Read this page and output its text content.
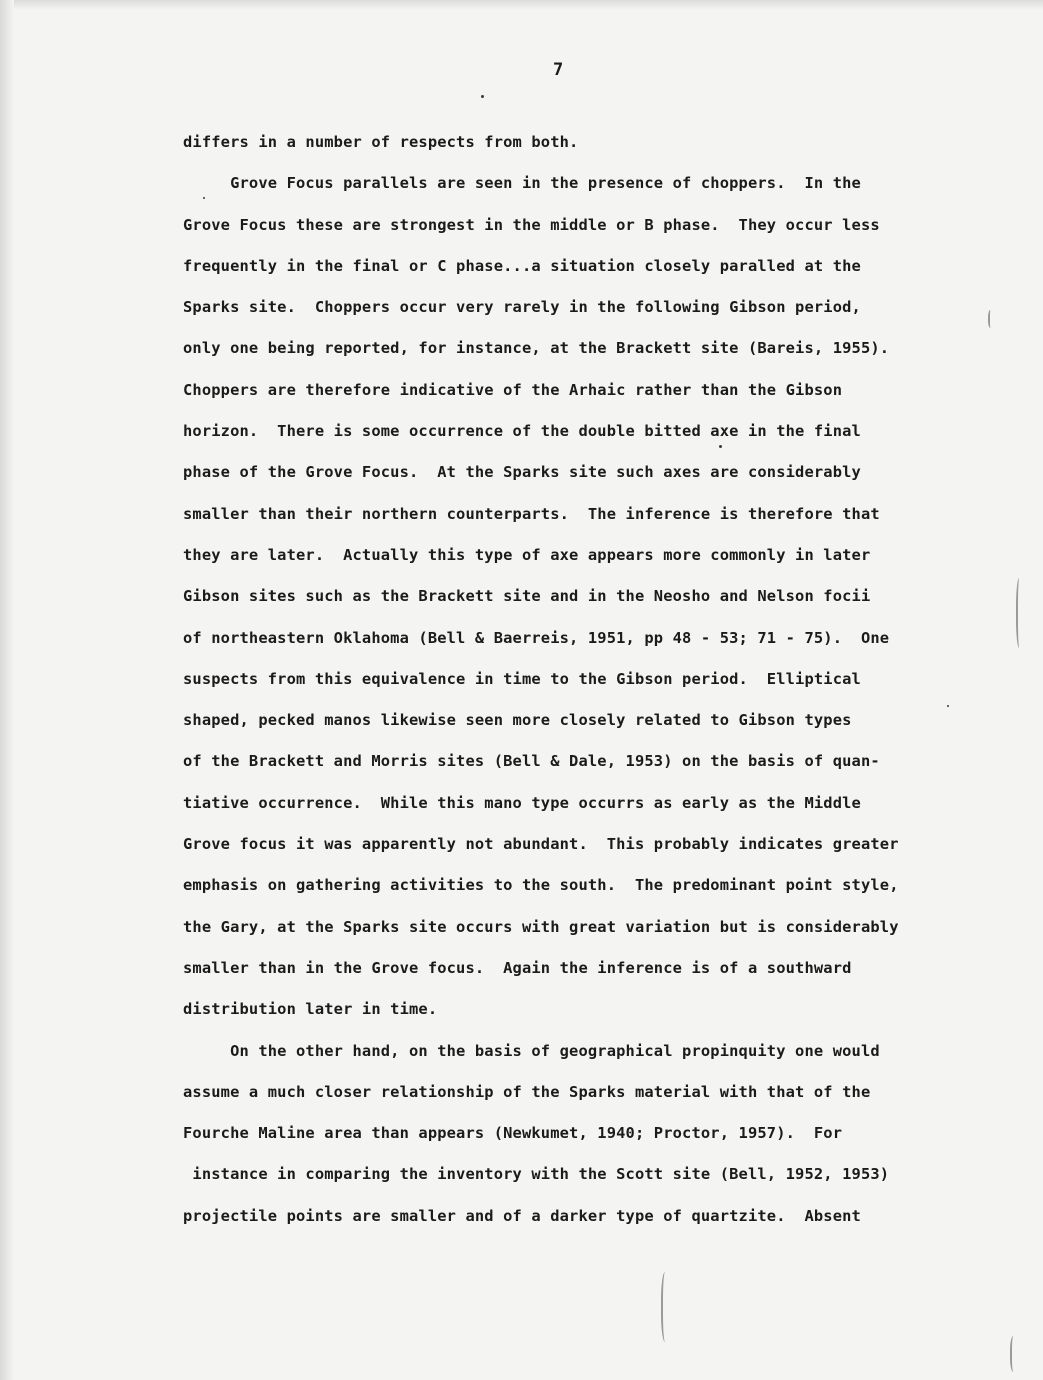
7
differs in a number of respects from both.
Grove Focus parallels are seen in the presence of choppers.  In the
Grove Focus these are strongest in the middle or B phase.  They occur less
frequently in the final or C phase...a situation closely paralled at the
Sparks site.  Choppers occur very rarely in the following Gibson period,
only one being reported, for instance, at the Brackett site (Bareis, 1955).
Choppers are therefore indicative of the Arhaic rather than the Gibson
horizon.  There is some occurrence of the double bitted axe in the final
phase of the Grove Focus.  At the Sparks site such axes are considerably
smaller than their northern counterparts.  The inference is therefore that
they are later.  Actually this type of axe appears more commonly in later
Gibson sites such as the Brackett site and in the Neosho and Nelson focii
of northeastern Oklahoma (Bell & Baerreis, 1951, pp 48 - 53; 71 - 75).  One
suspects from this equivalence in time to the Gibson period.  Elliptical
shaped, pecked manos likewise seen more closely related to Gibson types
of the Brackett and Morris sites (Bell & Dale, 1953) on the basis of quan-
tiative occurrence.  While this mano type occurrs as early as the Middle
Grove focus it was apparently not abundant.  This probably indicates greater
emphasis on gathering activities to the south.  The predominant point style,
the Gary, at the Sparks site occurs with great variation but is considerably
smaller than in the Grove focus.  Again the inference is of a southward
distribution later in time.
On the other hand, on the basis of geographical propinquity one would
assume a much closer relationship of the Sparks material with that of the
Fourche Maline area than appears (Newkumet, 1940; Proctor, 1957).  For
instance in comparing the inventory with the Scott site (Bell, 1952, 1953)
projectile points are smaller and of a darker type of quartzite.  Absent
